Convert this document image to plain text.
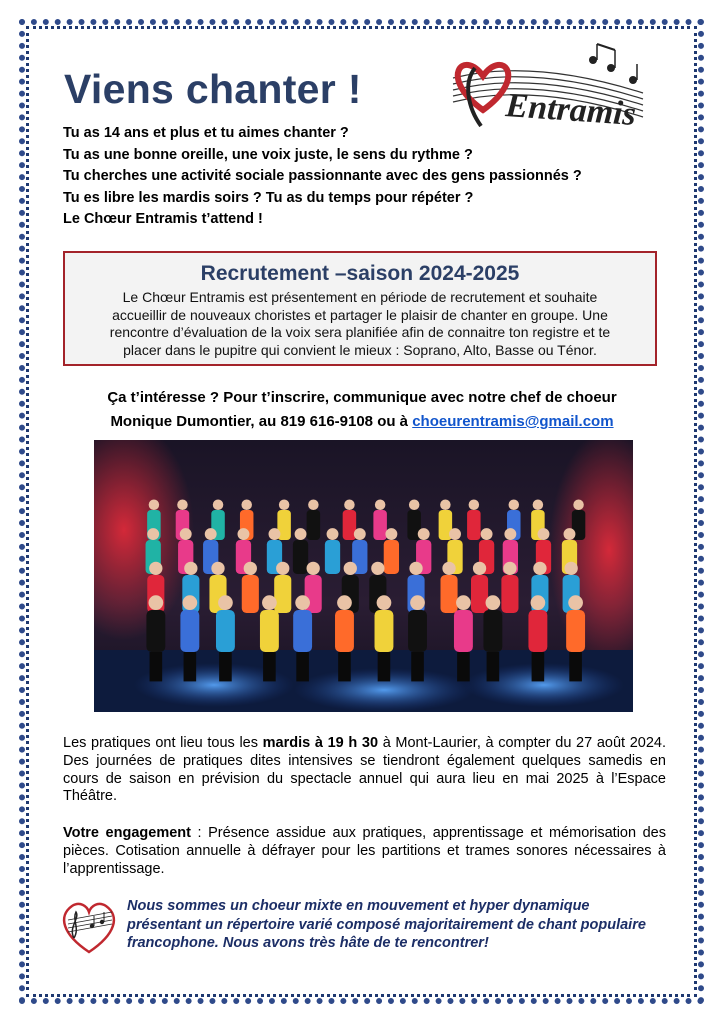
Viens chanter !	Entramis
Tu as 14 ans et plus et tu aimes chanter ?
Tu as une bonne oreille, une voix juste, le sens du rythme ?
Tu cherches une activité sociale passionnante avec des gens passionnés ?
Tu es libre les mardis soirs ? Tu as du temps pour répéter ?
Le Chœur Entramis t’attend !
Recrutement –saison 2024-2025

Le Chœur Entramis est présentement en période de recrutement et souhaite
accueillir de nouveaux choristes et partager le plaisir de chanter en groupe. Une
rencontre d’évaluation de la voix sera planifiée afin de connaitre ton registre et te
placer dans le pupitre qui convient le mieux : Soprano, Alto, Basse ou Ténor.

Ça t’intéresse ? Pour t’inscrire, communique avec notre chef de choeur
Monique Dumontier, au 819 616-9108 ou à choeurentramis@gmail.com

Les pratiques ont lieu tous les mardis à 19 h 30 à Mont-Laurier, à compter du 27 août 2024. Des journées de pratiques dites intensives se tiendront également quelques samedis en cours de saison en prévision du spectacle annuel qui aura lieu en mai 2025 à l’Espace Théâtre.

Votre engagement : Présence assidue aux pratiques, apprentissage et mémorisation des pièces. Cotisation annuelle à défrayer pour les partitions et trames sonores nécessaires à l’apprentissage.

Nous sommes un choeur mixte en mouvement et hyper dynamique présentant un répertoire varié composé majoritairement de chant populaire francophone. Nous avons très hâte de te rencontrer!
